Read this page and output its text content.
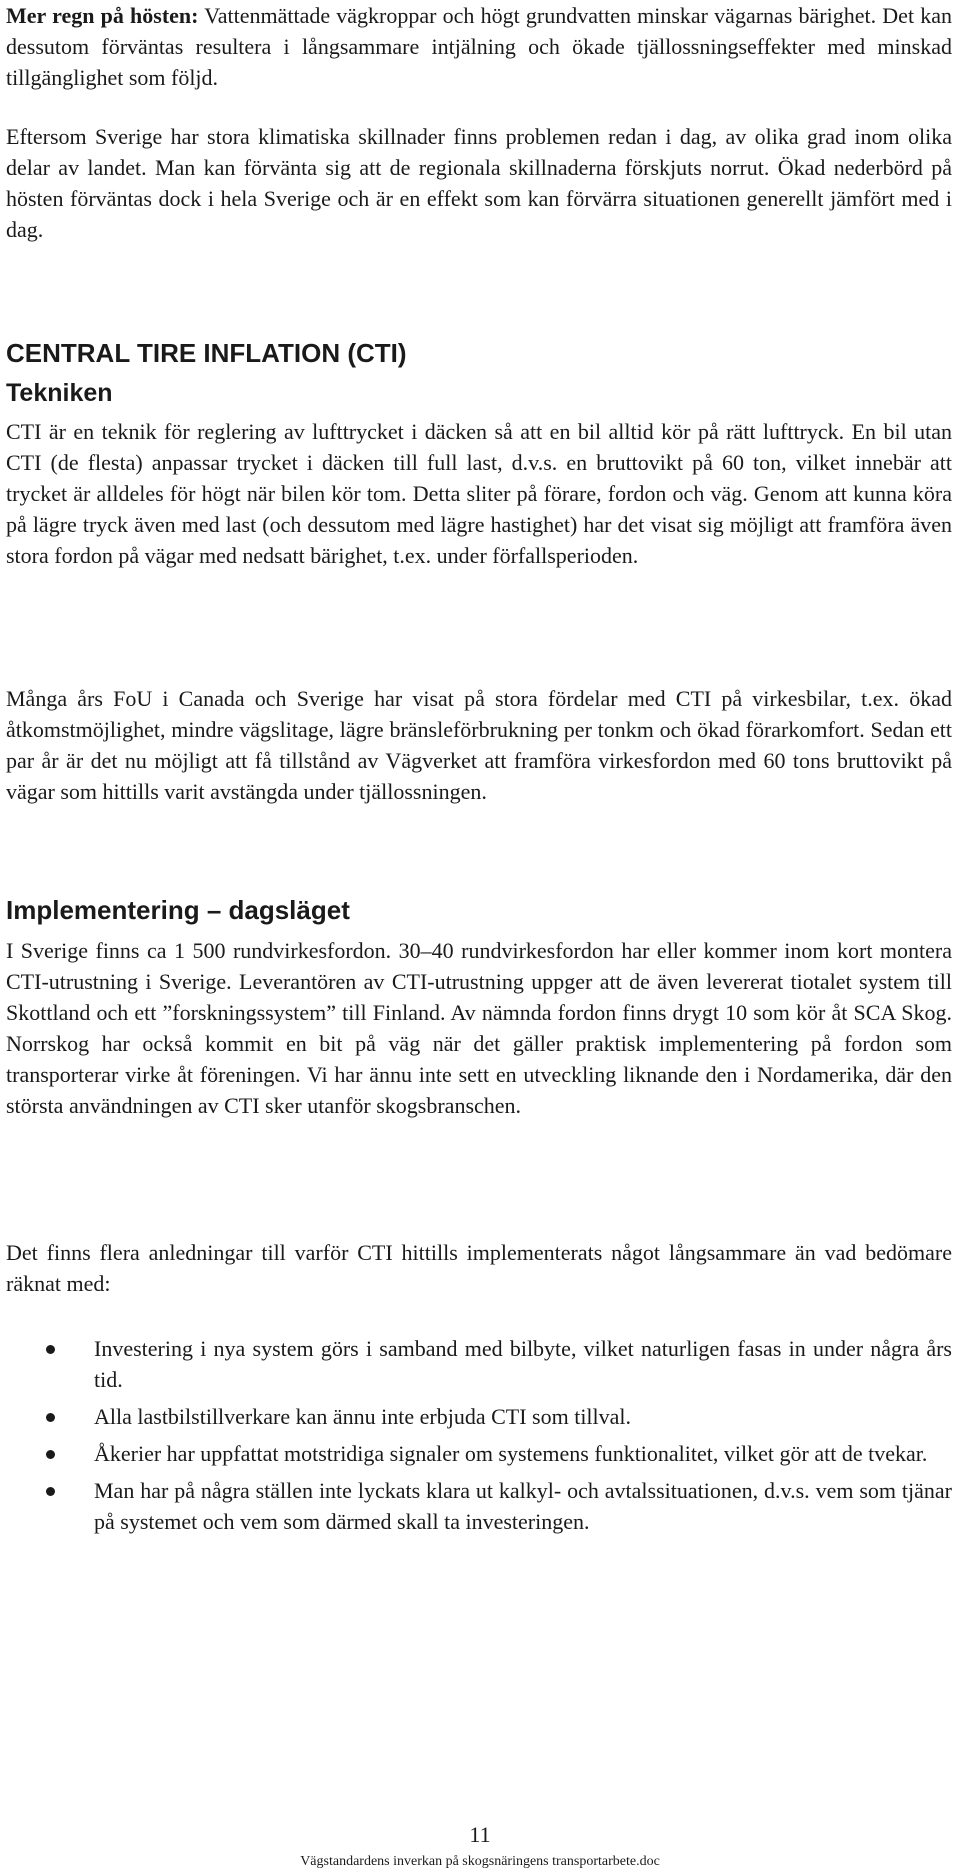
Mer regn på hösten: Vattenmättade vägkroppar och högt grundvatten minskar vägarnas bärighet. Det kan dessutom förväntas resultera i långsammare intjälning och ökade tjällossningseffekter med minskad tillgänglighet som följd.

Eftersom Sverige har stora klimatiska skillnader finns problemen redan i dag, av olika grad inom olika delar av landet. Man kan förvänta sig att de regionala skillnaderna förskjuts norrut. Ökad nederbörd på hösten förväntas dock i hela Sverige och är en effekt som kan förvärra situationen generellt jämfört med i dag.

CENTRAL TIRE INFLATION (CTI)
Tekniken

CTI är en teknik för reglering av lufttrycket i däcken så att en bil alltid kör på rätt lufttryck. En bil utan CTI (de flesta) anpassar trycket i däcken till full last, d.v.s. en bruttovikt på 60 ton, vilket innebär att trycket är alldeles för högt när bilen kör tom. Detta sliter på förare, fordon och väg. Genom att kunna köra på lägre tryck även med last (och dessutom med lägre hastighet) har det visat sig möjligt att framföra även stora fordon på vägar med nedsatt bärighet, t.ex. under förfallsperioden.

Många års FoU i Canada och Sverige har visat på stora fördelar med CTI på virkesbilar, t.ex. ökad åtkomstmöjlighet, mindre vägslitage, lägre bränsleförbrukning per tonkm och ökad förarkomfort. Sedan ett par år är det nu möjligt att få tillstånd av Vägverket att framföra virkesfordon med 60 tons bruttovikt på vägar som hittills varit avstängda under tjällossningen.

Implementering – dagsläget

I Sverige finns ca 1 500 rundvirkesfordon. 30–40 rundvirkesfordon har eller kommer inom kort montera CTI-utrustning i Sverige. Leverantören av CTI-utrustning uppger att de även levererat tiotalet system till Skottland och ett ”forskningssystem” till Finland. Av nämnda fordon finns drygt 10 som kör åt SCA Skog. Norrskog har också kommit en bit på väg när det gäller praktisk implementering på fordon som transporterar virke åt föreningen. Vi har ännu inte sett en utveckling liknande den i Nordamerika, där den största användningen av CTI sker utanför skogsbranschen.

Det finns flera anledningar till varför CTI hittills implementerats något långsammare än vad bedömare räknat med:

Investering i nya system görs i samband med bilbyte, vilket naturligen fasas in under några års tid.
Alla lastbilstillverkare kan ännu inte erbjuda CTI som tillval.
Åkerier har uppfattat motstridiga signaler om systemens funktionalitet, vilket gör att de tvekar.
Man har på några ställen inte lyckats klara ut kalkyl- och avtalssituationen, d.v.s. vem som tjänar på systemet och vem som därmed skall ta investeringen.
11
Vägstandardens inverkan på skogsnäringens transportarbete.doc
